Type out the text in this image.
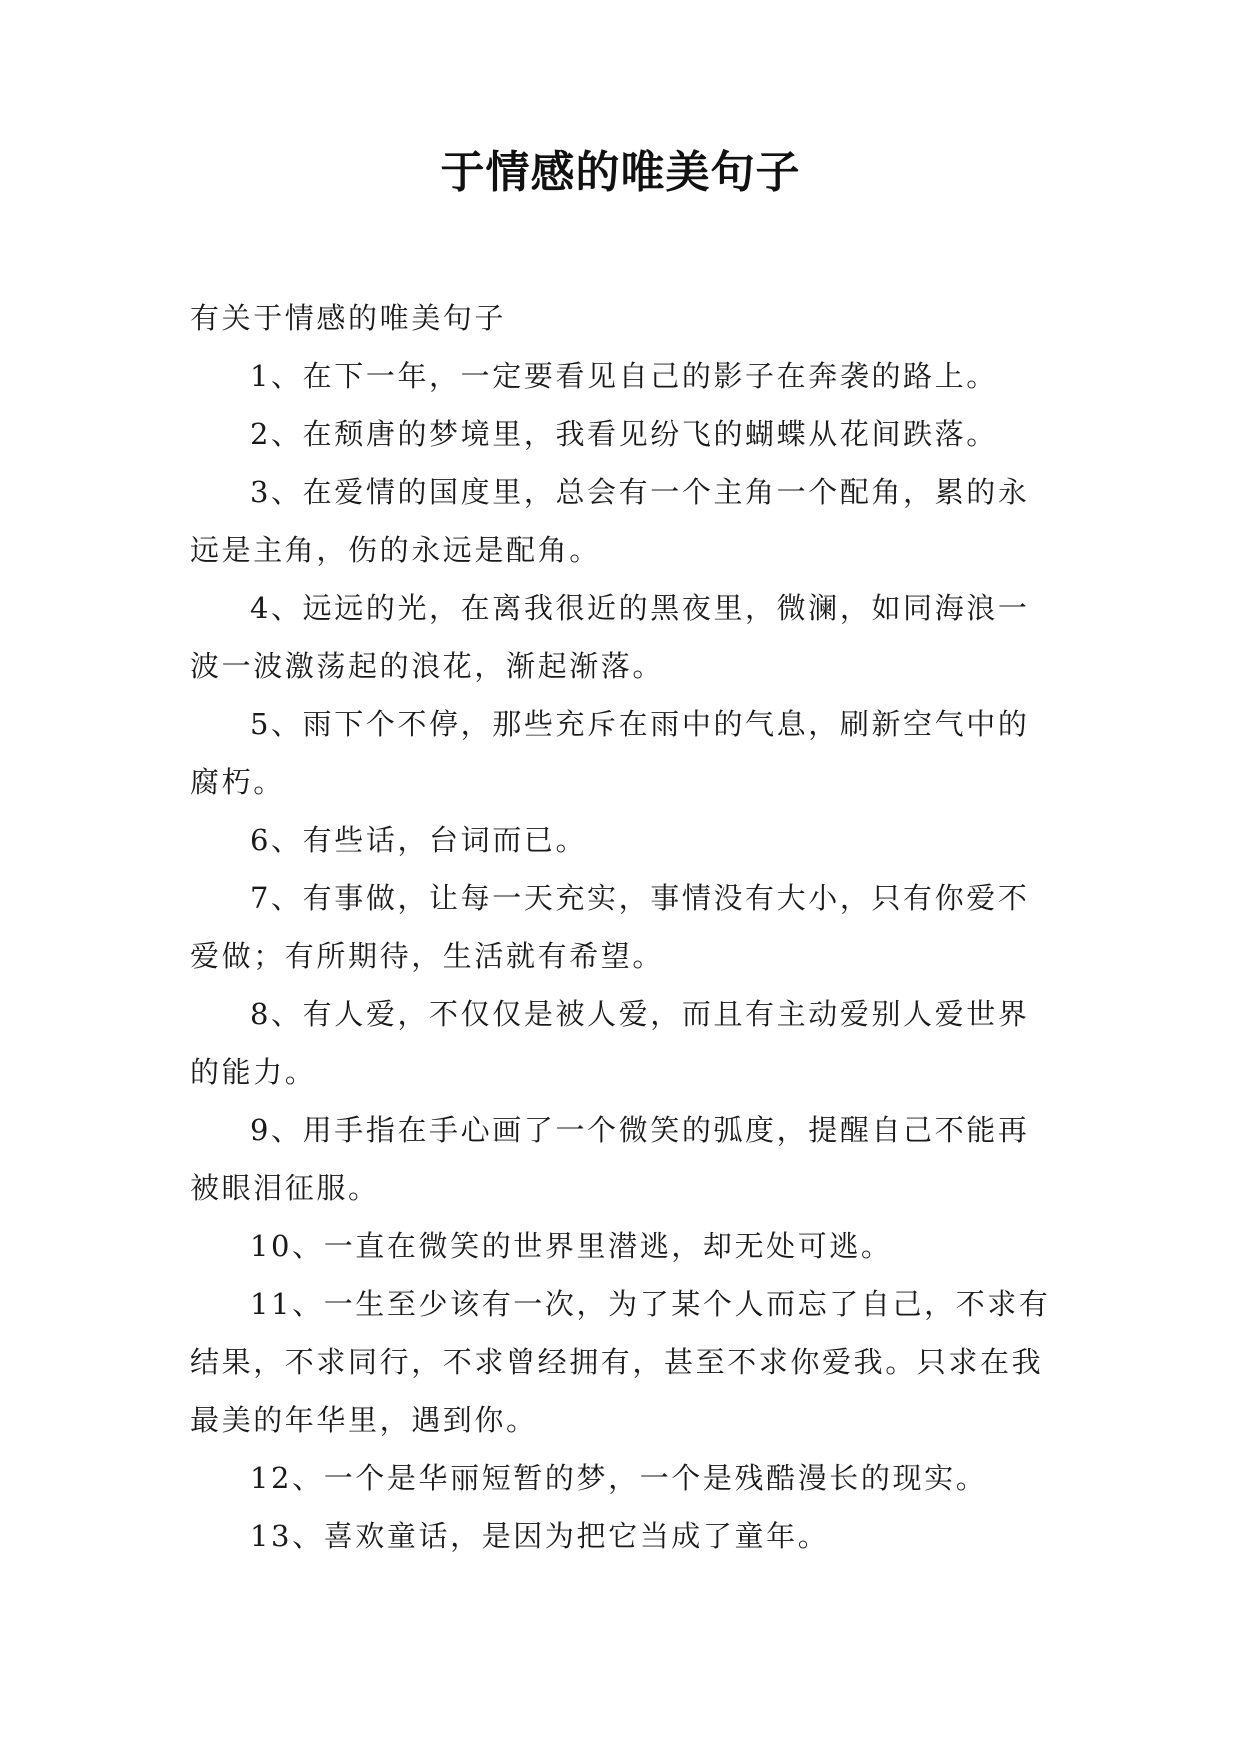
于情感的唯美句子

有关于情感的唯美句子

1、在下一年，一定要看见自己的影子在奔袭的路上。

2、在颓唐的梦境里，我看见纷飞的蝴蝶从花间跌落。

3、在爱情的国度里，总会有一个主角一个配角，累的永远是主角，伤的永远是配角。

4、远远的光，在离我很近的黑夜里，微澜，如同海浪一波一波激荡起的浪花，渐起渐落。

5、雨下个不停，那些充斥在雨中的气息，刷新空气中的腐朽。

6、有些话，台词而已。

7、有事做，让每一天充实，事情没有大小，只有你爱不爱做；有所期待，生活就有希望。

8、有人爱，不仅仅是被人爱，而且有主动爱别人爱世界的能力。

9、用手指在手心画了一个微笑的弧度，提醒自己不能再被眼泪征服。

10、一直在微笑的世界里潜逃，却无处可逃。

11、一生至少该有一次，为了某个人而忘了自己，不求有结果，不求同行，不求曾经拥有，甚至不求你爱我。只求在我最美的年华里，遇到你。

12、一个是华丽短暂的梦，一个是残酷漫长的现实。

13、喜欢童话，是因为把它当成了童年。
